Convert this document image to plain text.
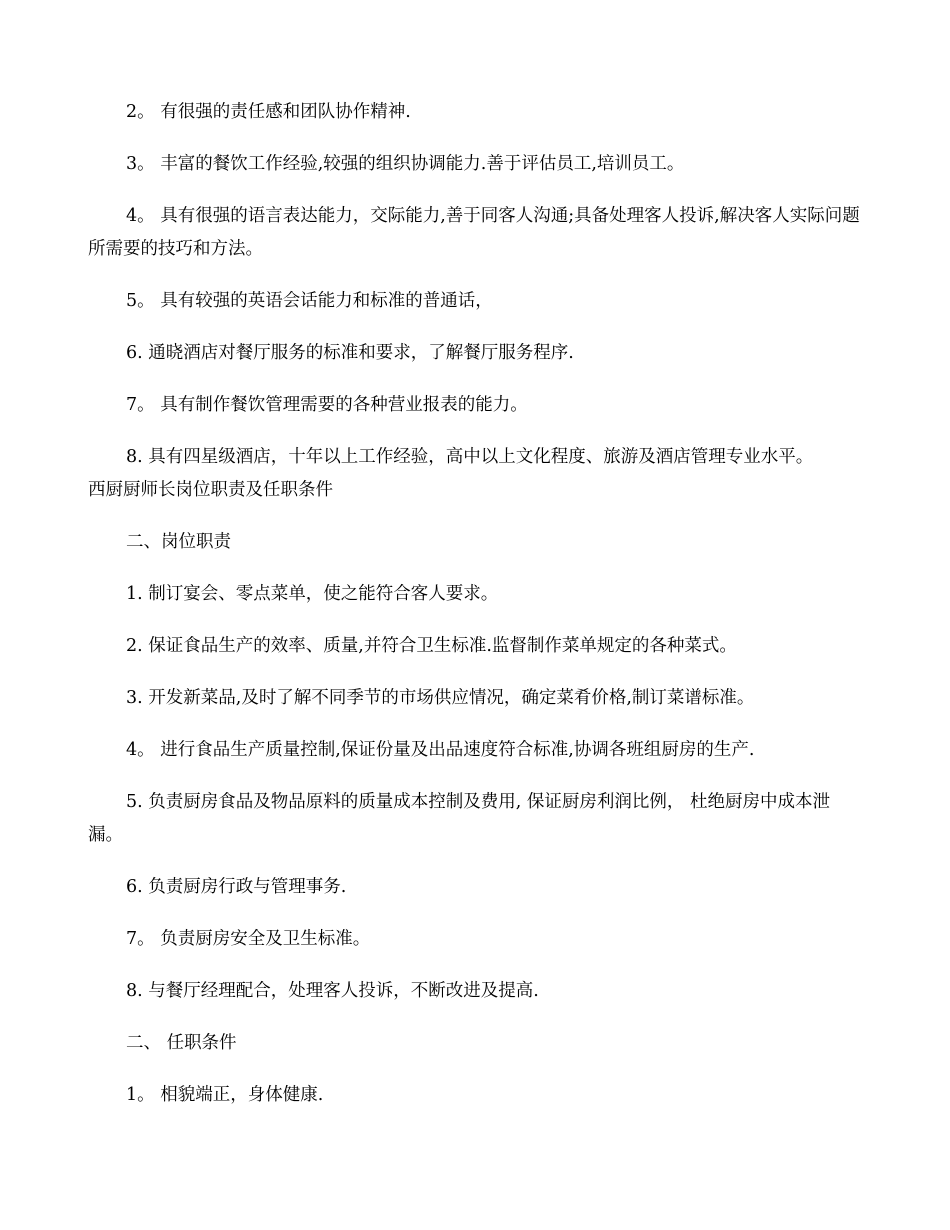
2。 有很强的责任感和团队协作精神.

3。 丰富的餐饮工作经验,较强的组织协调能力.善于评估员工,培训员工。

4。 具有很强的语言表达能力，交际能力,善于同客人沟通;具备处理客人投诉,解决客人实际问题所需要的技巧和方法。

5。 具有较强的英语会话能力和标准的普通话，

6. 通晓酒店对餐厅服务的标准和要求，了解餐厅服务程序.

7。 具有制作餐饮管理需要的各种营业报表的能力。

8. 具有四星级酒店，十年以上工作经验，高中以上文化程度、旅游及酒店管理专业水平。

西厨厨师长岗位职责及任职条件

二、岗位职责

1. 制订宴会、零点菜单，使之能符合客人要求。

2. 保证食品生产的效率、质量,并符合卫生标准.监督制作菜单规定的各种菜式。

3. 开发新菜品,及时了解不同季节的市场供应情况，确定菜肴价格,制订菜谱标准。

4。 进行食品生产质量控制,保证份量及出品速度符合标准,协调各班组厨房的生产.

5. 负责厨房食品及物品原料的质量成本控制及费用, 保证厨房利润比例， 杜绝厨房中成本泄 漏。

6. 负责厨房行政与管理事务.

7。 负责厨房安全及卫生标准。

8. 与餐厅经理配合，处理客人投诉，不断改进及提高.

二、 任职条件

1。 相貌端正，身体健康.
